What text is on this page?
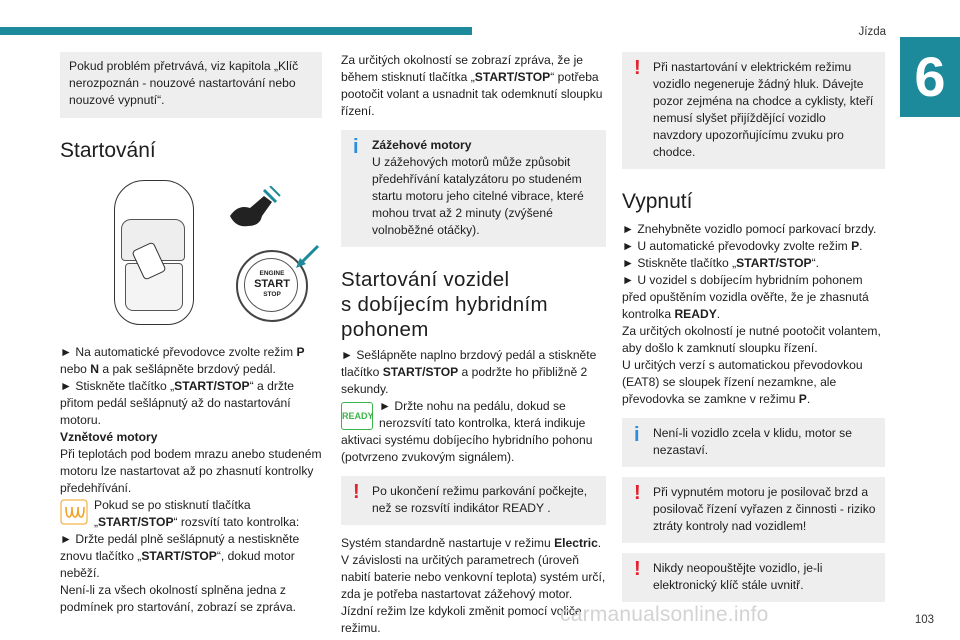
Jízda
6

Pokud problém přetrvává, viz kapitola „Klíč nerozpoznán - nouzové nastartování nebo nouzové vypnutí“.

Startování
ENGINE
START
STOP

► Na automatické převodovce zvolte režim P nebo N a pak sešlápněte brzdový pedál.

► Stiskněte tlačítko „START/STOP“ a držte přitom pedál sešlápnutý až do nastartování motoru.

Vznětové motory

Při teplotách pod bodem mrazu anebo studeném motoru lze nastartovat až po zhasnutí kontrolky předehřívání.

Pokud se po stisknutí tlačítka „START/STOP“ rozsvítí tato kontrolka:

► Držte pedál plně sešlápnutý a nestiskněte znovu tlačítko „START/STOP“, dokud motor neběží.

Není-li za všech okolností splněna jedna z podmínek pro startování, zobrazí se zpráva.

Za určitých okolností se zobrazí zpráva, že je během stisknutí tlačítka „START/STOP“ potřeba pootočit volant a usnadnit tak odemknutí sloupku řízení.

i	Zážehové motory

U zážehových motorů může způsobit předehřívání katalyzátoru po studeném startu motoru jeho citelné vibrace, které mohou trvat až 2 minuty (zvýšené volnoběžné otáčky).

Startování vozidel
s dobíjecím hybridním
pohonem

► Sešlápněte naplno brzdový pedál a stiskněte tlačítko START/STOP a podržte ho přibližně 2 sekundy.

READY

► Držte nohu na pedálu, dokud se nerozsvítí tato kontrolka, která indikuje aktivaci systému dobíjecího hybridního pohonu (potvrzeno zvukovým signálem).

!	Po ukončení režimu parkování počkejte, než se rozsvítí indikátor READY .

Systém standardně nastartuje v režimu Electric. V závislosti na určitých parametrech (úroveň nabití baterie nebo venkovní teplota) systém určí, zda je potřeba nastartovat zážehový motor. Jízdní režim lze kdykoli změnit pomocí voliče režimu.

!	Při nastartování v elektrickém režimu vozidlo negeneruje žádný hluk. Dávejte pozor zejména na chodce a cyklisty, kteří nemusí slyšet přijíždějící vozidlo navzdory upozorňujícímu zvuku pro chodce.

Vypnutí

► Znehybněte vozidlo pomocí parkovací brzdy.

► U automatické převodovky zvolte režim P.

► Stiskněte tlačítko „START/STOP“.

► U vozidel s dobíjecím hybridním pohonem před opuštěním vozidla ověřte, že je zhasnutá kontrolka READY.

Za určitých okolností je nutné pootočit volantem, aby došlo k zamknutí sloupku řízení.

U určitých verzí s automatickou převodovkou (EAT8) se sloupek řízení nezamkne, ale převodovka se zamkne v režimu P.

i	Není-li vozidlo zcela v klidu, motor se nezastaví.

!	Při vypnutém motoru je posilovač brzd a posilovač řízení vyřazen z činnosti - riziko ztráty kontroly nad vozidlem!

!	Nikdy neopouštějte vozidlo, je-li elektronický klíč stále uvnitř.

carmanualsonline.info	103
